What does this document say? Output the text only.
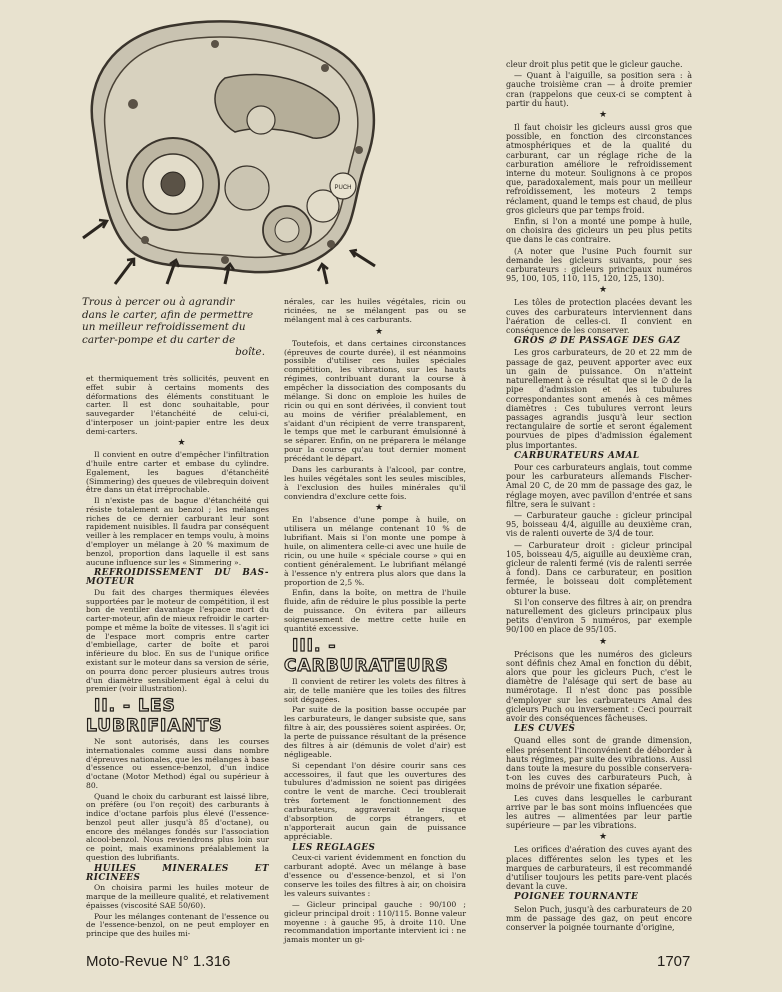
PUCH
Trous à percer ou à agrandir
dans le carter, afin de permettre
un meilleur refroidissement du
carter-pompe et du carter de
boîte.

et thermiquement très sollicités, peuvent en effet subir à certains moments des déformations des éléments constituant le carter. Il est donc souhaitable, pour sauvegarder l'étanchéité de celui-ci, d'interposer un joint-papier entre les deux demi-carters.

★

Il convient en outre d'empêcher l'infiltration d'huile entre carter et embase du cylindre. Egalement, les bagues d'étanchéité (Simmering) des queues de vilebrequin doivent être dans un état irréprochable.

Il n'existe pas de bague d'étanchéité qui résiste totalement au benzol ; les mélanges riches de ce dernier carburant leur sont rapidement nuisibles. Il faudra par conséquent veiller à les remplacer en temps voulu, à moins d'employer un mélange à 20 % maximum de benzol, proportion dans laquelle il est sans aucune influence sur les « Simmering ».

REFROIDISSEMENT DU BAS-MOTEUR

Du fait des charges thermiques élevées supportées par le moteur de compétition, il est bon de ventiler davantage l'espace mort du carter-moteur, afin de mieux refroidir le carter-pompe et même la boîte de vitesses. Il s'agit ici de l'espace mort compris entre carter d'embiellage, carter de boîte et paroi inférieure du bloc. En sus de l'unique orifice existant sur le moteur dans sa version de série, on pourra donc percer plusieurs autres trous d'un diamètre sensiblement égal à celui du premier (voir illustration).

II. - LES LUBRIFIANTS

Ne sont autorisés, dans les courses internationales comme aussi dans nombre d'épreuves nationales, que les mélanges à base d'essence ou essence-benzol, d'un indice d'octane (Motor Method) égal ou supérieur à 80.

Quand le choix du carburant est laissé libre, on préfère (ou l'on reçoit) des carburants à indice d'octane parfois plus élevé (l'essence-benzol peut aller jusqu'à 85 d'octane), ou encore des mélanges fondés sur l'association alcool-benzol. Nous reviendrons plus loin sur ce point, mais examinons préalablement la question des lubrifiants.

HUILES MINERALES ET RICINEES

On choisira parmi les huiles moteur de marque de la meilleure qualité, et relativement épaisses (viscosité SAE 50/60).

Pour les mélanges contenant de l'essence ou de l'essence-benzol, on ne peut employer en principe que des huiles mi-

nérales, car les huiles végétales, ricin ou ricinées, ne se mélangent pas ou se mélangent mal à ces carburants.

★

Toutefois, et dans certaines circonstances (épreuves de courte durée), il est néanmoins possible d'utiliser ces huiles spéciales compétition, les vibrations, sur les hauts régimes, contribuant durant la course à empêcher la dissociation des composants du mélange. Si donc on emploie les huiles de ricin ou qui en sont dérivées, il convient tout au moins de vérifier préalablement, en s'aidant d'un récipient de verre transparent, le temps que met le carburant émulsionné à se séparer. Enfin, on ne préparera le mélange pour la course qu'au tout dernier moment précédant le départ.

Dans les carburants à l'alcool, par contre, les huiles végétales sont les seules miscibles, à l'exclusion des huiles minérales qu'il conviendra d'exclure cette fois.

★

En l'absence d'une pompe à huile, on utilisera un mélange contenant 10 % de lubrifiant. Mais si l'on monte une pompe à huile, on alimentera celle-ci avec une huile de ricin, ou une huile « spéciale course » qui en contient généralement. Le lubrifiant mélangé à l'essence n'y entrera plus alors que dans la proportion de 2,5 %.

Enfin, dans la boîte, on mettra de l'huile fluide, afin de réduire le plus possible la perte de puissance. On évitera par ailleurs soigneusement de mettre cette huile en quantité excessive.

III. - CARBURATEURS

Il convient de retirer les volets des filtres à air, de telle manière que les toiles des filtres soit dégagées.

Par suite de la position basse occupée par les carburateurs, le danger subsiste que, sans filtre à air, des poussières soient aspirées. Or, la perte de puissance résultant de la présence des filtres à air (démunis de volet d'air) est négligeable.

Si cependant l'on désire courir sans ces accessoires, il faut que les ouvertures des tubulures d'admission ne soient pas dirigées contre le vent de marche. Ceci troublerait très fortement le fonctionnement des carburateurs, aggraverait le risque d'absorption de corps étrangers, et n'apporterait aucun gain de puissance appréciable.

LES REGLAGES

Ceux-ci varient évidemment en fonction du carburant adopté. Avec un mélange à base d'essence ou d'essence-benzol, et si l'on conserve les toiles des filtres à air, on choisira les valeurs suivantes :

— Gicleur principal gauche : 90/100 ; gicleur principal droit : 110/115. Bonne valeur moyenne : à gauche 95, à droite 110. Une recommandation importante intervient ici : ne jamais monter un gi-

cleur droit plus petit que le gicleur gauche.

— Quant à l'aiguille, sa position sera : à gauche troisième cran — à droite premier cran (rappelons que ceux-ci se comptent à partir du haut).

★

Il faut choisir les gicleurs aussi gros que possible, en fonction des circonstances atmosphériques et de la qualité du carburant, car un réglage riche de la carburation améliore le refroidissement interne du moteur. Soulignons à ce propos que, paradoxalement, mais pour un meilleur refroidissement, les moteurs 2 temps réclament, quand le temps est chaud, de plus gros gicleurs que par temps froid.

Enfin, si l'on a monté une pompe à huile, on choisira des gicleurs un peu plus petits que dans le cas contraire.

(A noter que l'usine Puch fournit sur demande les gicleurs suivants, pour ses carburateurs : gicleurs principaux numéros 95, 100, 105, 110, 115, 120, 125, 130).

★

Les tôles de protection placées devant les cuves des carburateurs interviennent dans l'aération de celles-ci. Il convient en conséquence de les conserver.

GROS ∅ DE PASSAGE DES GAZ

Les gros carburateurs, de 20 et 22 mm de passage de gaz, peuvent apporter avec eux un gain de puissance. On n'atteint naturellement à ce résultat que si le ∅ de la pipe d'admission et les tubulures correspondantes sont amenés à ces mêmes diamètres : Ces tubulures verront leurs passages agrandis jusqu'à leur section rectangulaire de sortie et seront également pourvues de pipes d'admission également plus importantes.

CARBURATEURS AMAL

Pour ces carburateurs anglais, tout comme pour les carburateurs allemands Fischer-Amal 20 C, de 20 mm de passage des gaz, le réglage moyen, avec pavillon d'entrée et sans filtre, sera le suivant :

— Carburateur gauche : gicleur principal 95, boisseau 4/4, aiguille au deuxième cran, vis de ralenti ouverte de 3/4 de tour.

— Carburateur droit : gicleur principal 105, boisseau 4/5, aiguille au deuxième cran, gicleur de ralenti fermé (vis de ralenti serrée à fond). Dans ce carburateur, en position fermée, le boisseau doit complètement obturer la buse.

Si l'on conserve des filtres à air, on prendra naturellement des gicleurs principaux plus petits d'environ 5 numéros, par exemple 90/100 en place de 95/105.

★

Précisons que les numéros des gicleurs sont définis chez Amal en fonction du débit, alors que pour les gicleurs Puch, c'est le diamètre de l'alésage qui sert de base au numérotage. Il n'est donc pas possible d'employer sur les carburateurs Amal des gicleurs Puch ou inversement : Ceci pourrait avoir des conséquences fâcheuses.

LES CUVES

Quand elles sont de grande dimension, elles présentent l'inconvénient de déborder à hauts régimes, par suite des vibrations. Aussi dans toute la mesure du possible conservera-t-on les cuves des carburateurs Puch, à moins de prévoir une fixation séparée.

Les cuves dans lesquelles le carburant arrive par le bas sont moins influencées que les autres — alimentées par leur partie supérieure — par les vibrations.

★

Les orifices d'aération des cuves ayant des places différentes selon les types et les marques de carburateurs, il est recommandé d'utiliser toujours les petits pare-vent placés devant la cuve.

POIGNEE TOURNANTE

Selon Puch, jusqu'à des carburateurs de 20 mm de passage des gaz, on peut encore conserver la poignée tournante d'origine,

Moto-Revue N° 1.316	1707
